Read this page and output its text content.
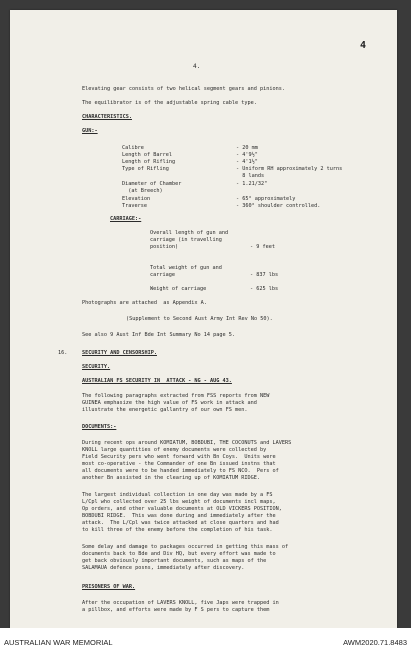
4
4.
Elevating gear consists of two helical segment gears and pinions.
The equilibrator is of the adjustable spring cable type.
CHARACTERISTICS.
GUN:-
Calibre	- 20 mm
Length of Barrel	- 4'9½"
Length of Rifling	- 4'1½"
Type of Rifling	- Uniform RH approximately 2 turns
8 lands
Diameter of Chamber	- 1.21/32"
(at Breech)
Elevation	- 65° approximately
Traverse	- 360° shoulder controlled.
CARRIAGE:-
Overall length of gun and
carriage (in travelling
position)	- 9 feet
Total weight of gun and
carriage	- 837 lbs
Weight of carriage	- 625 lbs
Photographs are attached  as Appendix A.
(Supplement to Second Aust Army Int Rev No 50).
See also 9 Aust Inf Bde Int Summary No 14 page 5.
16.	SECURITY AND CENSORSHIP.
SECURITY.
AUSTRALIAN FS SECURITY IN  ATTACK - NG - AUG 43.
The following paragraphs extracted from FSS reports from NEW
GUINEA emphasize the high value of FS work in attack and
illustrate the energetic gallantry of our own FS men.
DOCUMENTS:-
During recent ops around KOMIATUM, BOBDUBI, THE COCONUTS and LAVERS
KNOLL large quantities of enemy documents were collected by
Field Security pers who went forward with Bn Coys.  Units were
most co-operative - the Commander of one Bn issued instns that
all documents were to be handed immediately to FS NCO.  Pers of
another Bn assisted in the clearing up of KOMIATUM RIDGE.
The largest individual collection in one day was made by a FS
L/Cpl who collected over 25 lbs weight of documents incl maps,
Op orders, and other valuable documents at OLD VICKERS POSITION,
BOBDUBI RIDGE.  This was done during and immediately after the
attack.  The L/Cpl was twice attacked at close quarters and had
to kill three of the enemy before the completion of his task.
Some delay and damage to packages occurred in getting this mass of
documents back to Bde and Div HQ, but every effort was made to
get back obviously important documents, such as maps of the
SALAMAUA defence posns, immediately after discovery.
PRISONERS OF WAR.
After the occupation of LAVERS KNOLL, five Japs were trapped in
a pillbox, and efforts were made by F S pers to capture them
AUSTRALIAN WAR MEMORIAL	AWM2020.71.8483
